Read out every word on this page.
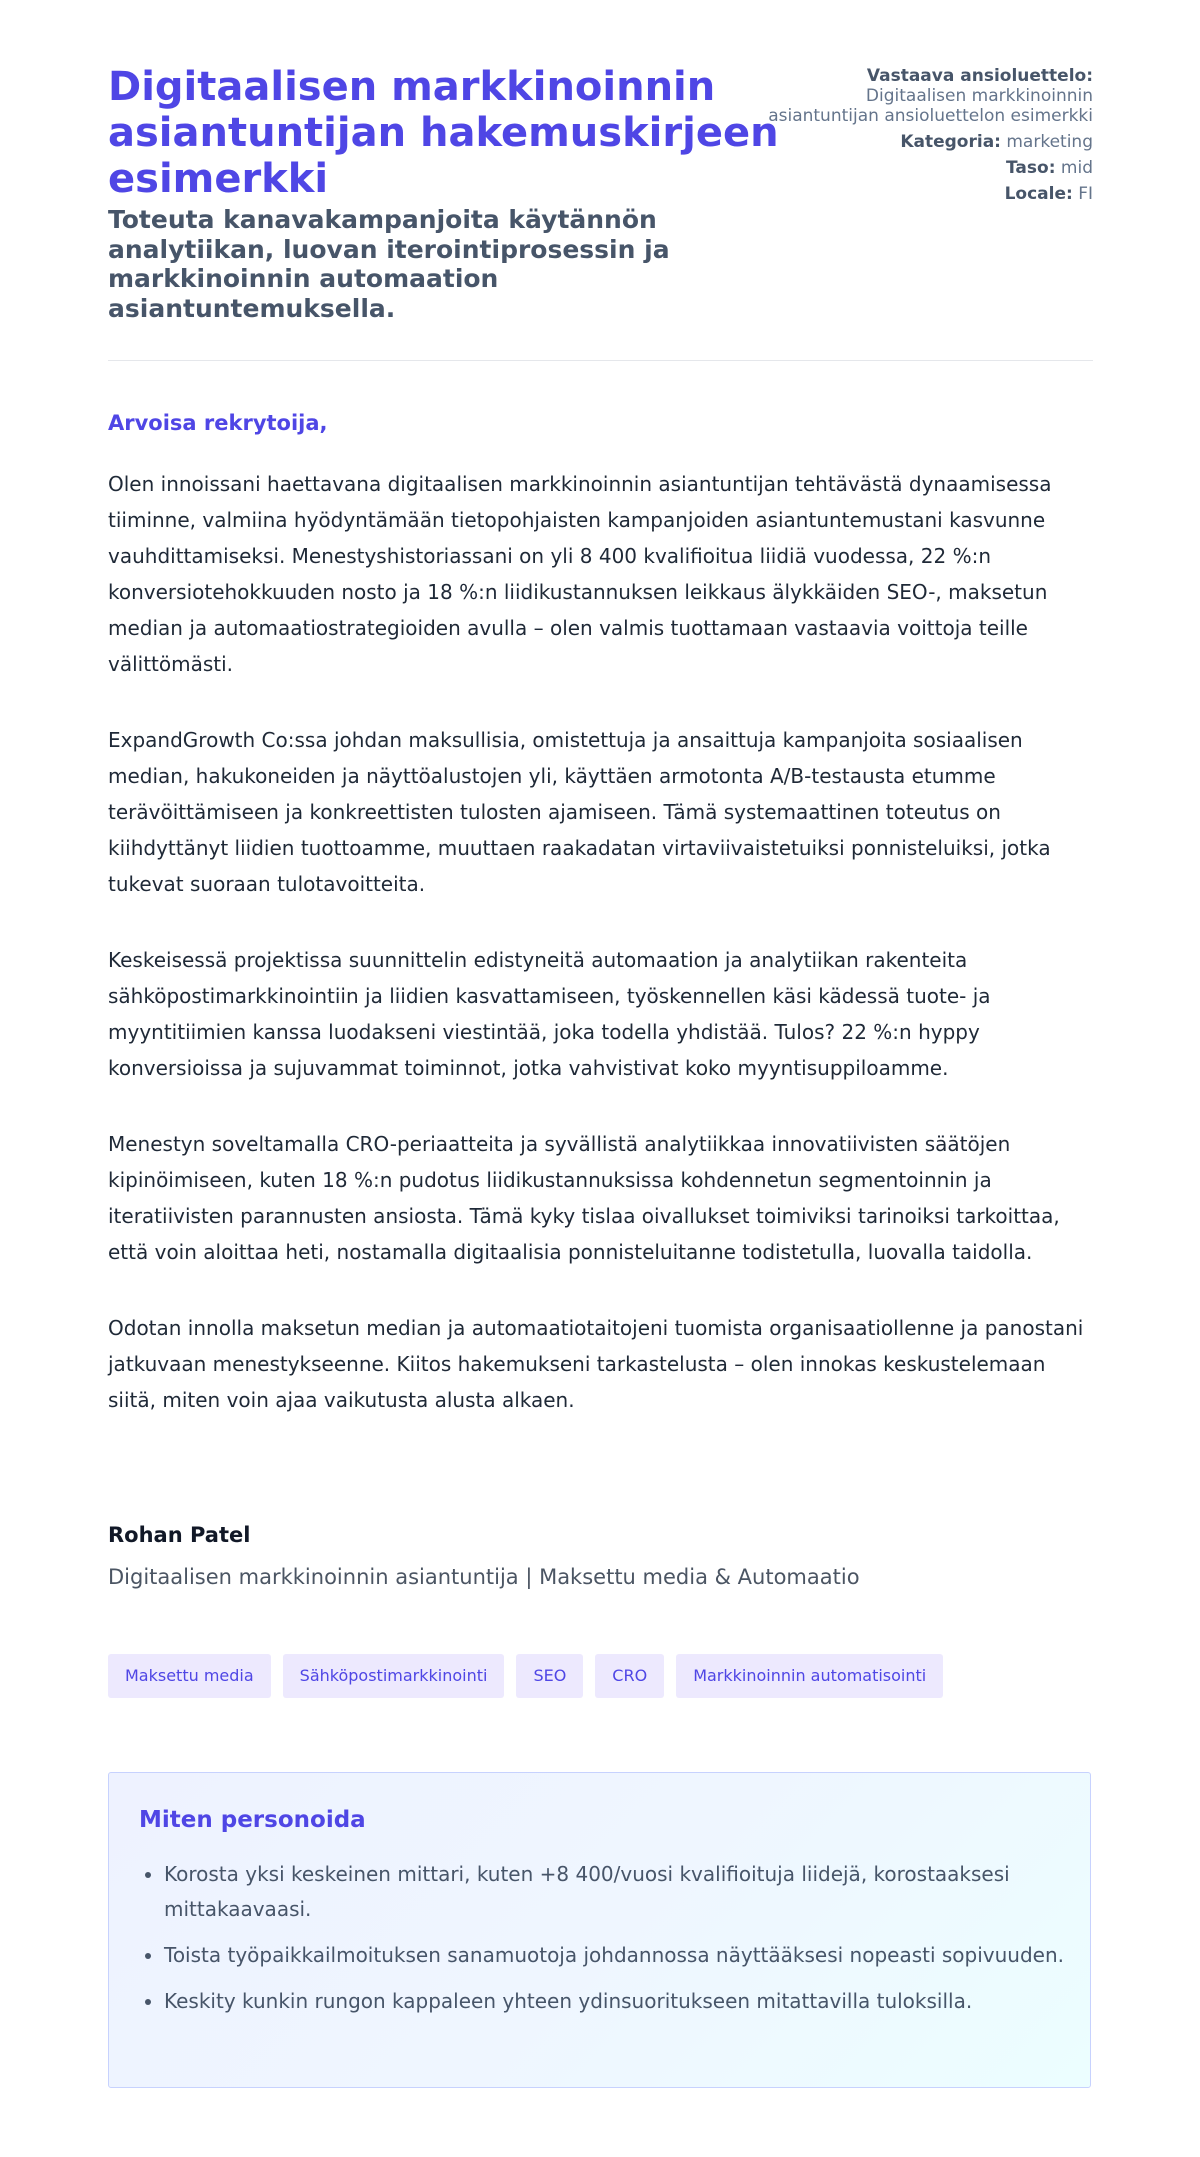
Digitaalisen markkinoinnin asiantuntijan hakemuskirjeen esimerkki
Toteuta kanavakampanjoita käytännön analytiikan, luovan iterointiprosessin ja markkinoinnin automaation asiantuntemuksella.
Vastaava ansioluettelo:
Digitaalisen markkinoinnin asiantuntijan ansioluettelon esimerkki
Kategoria: marketing
Taso: mid
Locale: FI

Arvoisa rekrytoija,

Olen innoissani haettavana digitaalisen markkinoinnin asiantuntijan tehtävästä dynaamisessa tiiminne, valmiina hyödyntämään tietopohjaisten kampanjoiden asiantuntemustani kasvunne vauhdittamiseksi. Menestyshistoriassani on yli 8 400 kvalifioitua liidiä vuodessa, 22 %:n konversiotehokkuuden nosto ja 18 %:n liidikustannuksen leikkaus älykkäiden SEO-, maksetun median ja automaatiostrategioiden avulla – olen valmis tuottamaan vastaavia voittoja teille välittömästi.

ExpandGrowth Co:ssa johdan maksullisia, omistettuja ja ansaittuja kampanjoita sosiaalisen median, hakukoneiden ja näyttöalustojen yli, käyttäen armotonta A/B-testausta etumme terävöittämiseen ja konkreettisten tulosten ajamiseen. Tämä systemaattinen toteutus on kiihdyttänyt liidien tuottoamme, muuttaen raakadatan virtaviivaistetuiksi ponnisteluiksi, jotka tukevat suoraan tulotavoitteita.

Keskeisessä projektissa suunnittelin edistyneitä automaation ja analytiikan rakenteita sähköpostimarkkinointiin ja liidien kasvattamiseen, työskennellen käsi kädessä tuote- ja myyntitiimien kanssa luodakseni viestintää, joka todella yhdistää. Tulos? 22 %:n hyppy konversioissa ja sujuvammat toiminnot, jotka vahvistivat koko myyntisuppiloamme.

Menestyn soveltamalla CRO-periaatteita ja syvällistä analytiikkaa innovatiivisten säätöjen kipinöimiseen, kuten 18 %:n pudotus liidikustannuksissa kohdennetun segmentoinnin ja iteratiivisten parannusten ansiosta. Tämä kyky tislaa oivallukset toimiviksi tarinoiksi tarkoittaa, että voin aloittaa heti, nostamalla digitaalisia ponnisteluitanne todistetulla, luovalla taidolla.

Odotan innolla maksetun median ja automaatiotaitojeni tuomista organisaatiollenne ja panostani jatkuvaan menestykseenne. Kiitos hakemukseni tarkastelusta – olen innokas keskustelemaan siitä, miten voin ajaa vaikutusta alusta alkaen.

Rohan Patel

Digitaalisen markkinoinnin asiantuntija | Maksettu media & Automaatio

Maksettu media	Sähköpostimarkkinointi	SEO	CRO	Markkinoinnin automatisointi
Miten personoida
• Korosta yksi keskeinen mittari, kuten +8 400/vuosi kvalifioituja liidejä, korostaaksesi mittakaavaasi.
• Toista työpaikkailmoituksen sanamuotoja johdannossa näyttääksesi nopeasti sopivuuden.
• Keskity kunkin rungon kappaleen yhteen ydinsuoritukseen mitattavilla tuloksilla.
